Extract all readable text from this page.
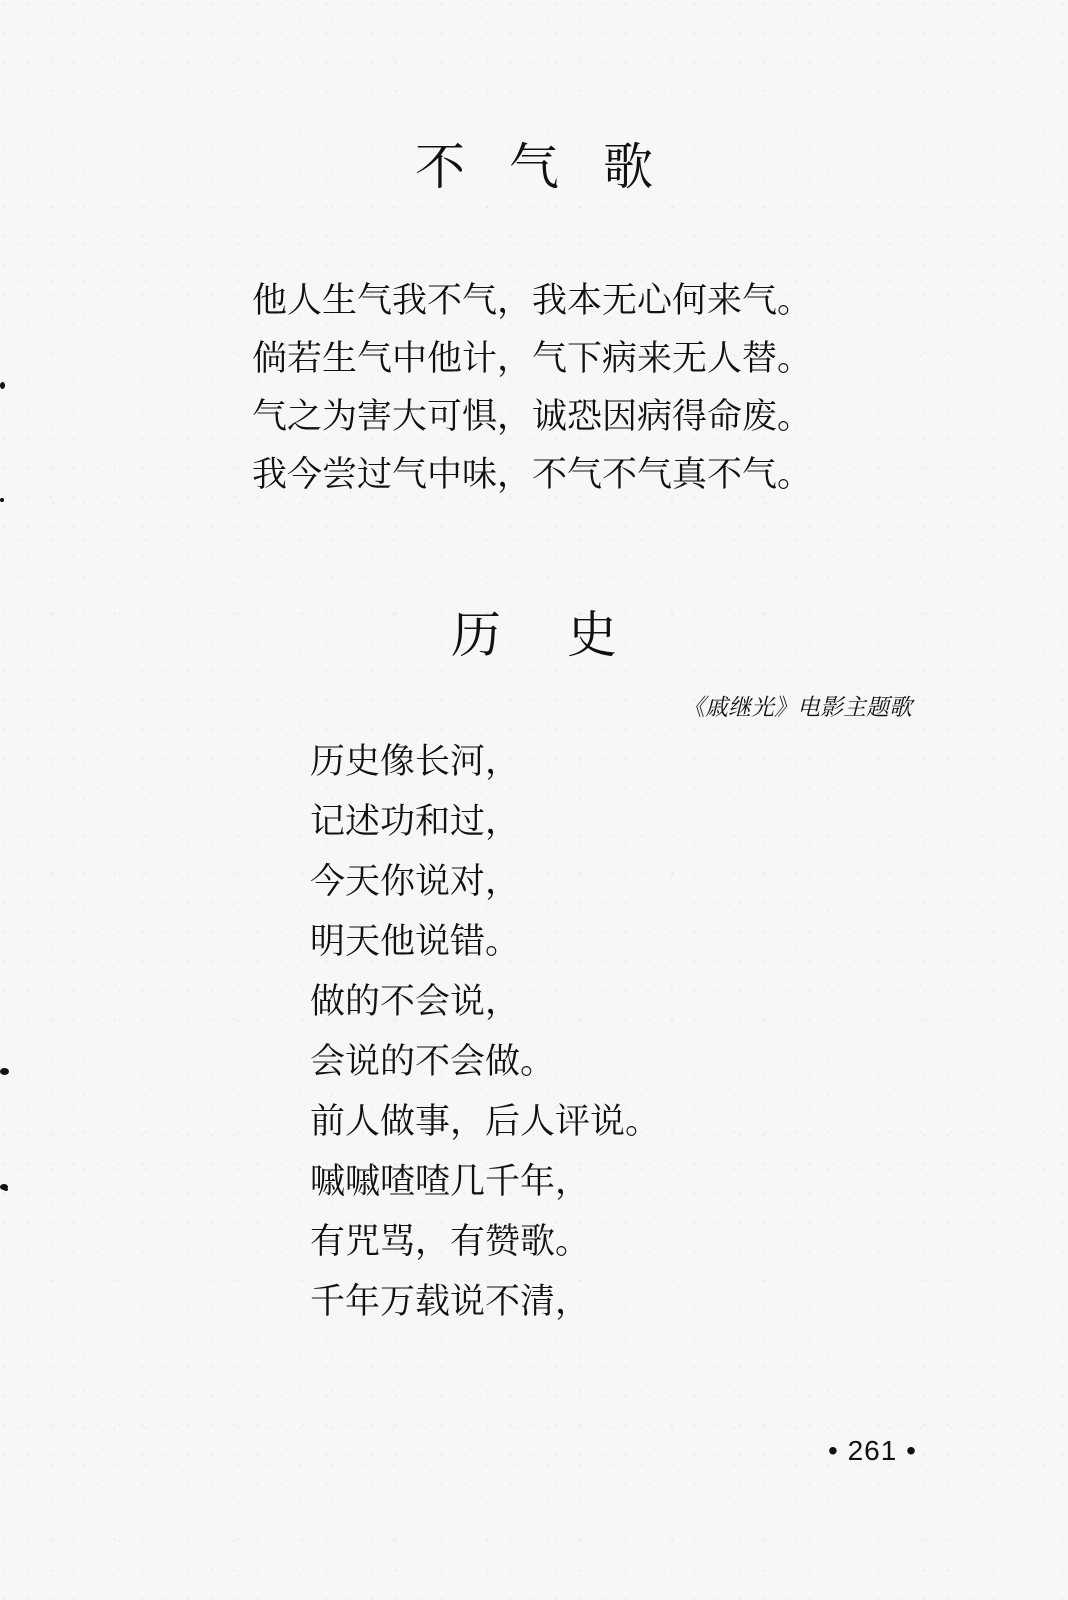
不气歌
他人生气我不气，我本无心何来气。
倘若生气中他计，气下病来无人替。
气之为害大可惧，诚恐因病得命废。
我今尝过气中味，不气不气真不气。
历史
《戚继光》电影主题歌
历史像长河，
记述功和过，
今天你说对，
明天他说错。
做的不会说，
会说的不会做。
前人做事，后人评说。
嘁嘁喳喳几千年，
有咒骂，有赞歌。
千年万载说不清，
• 261 •
